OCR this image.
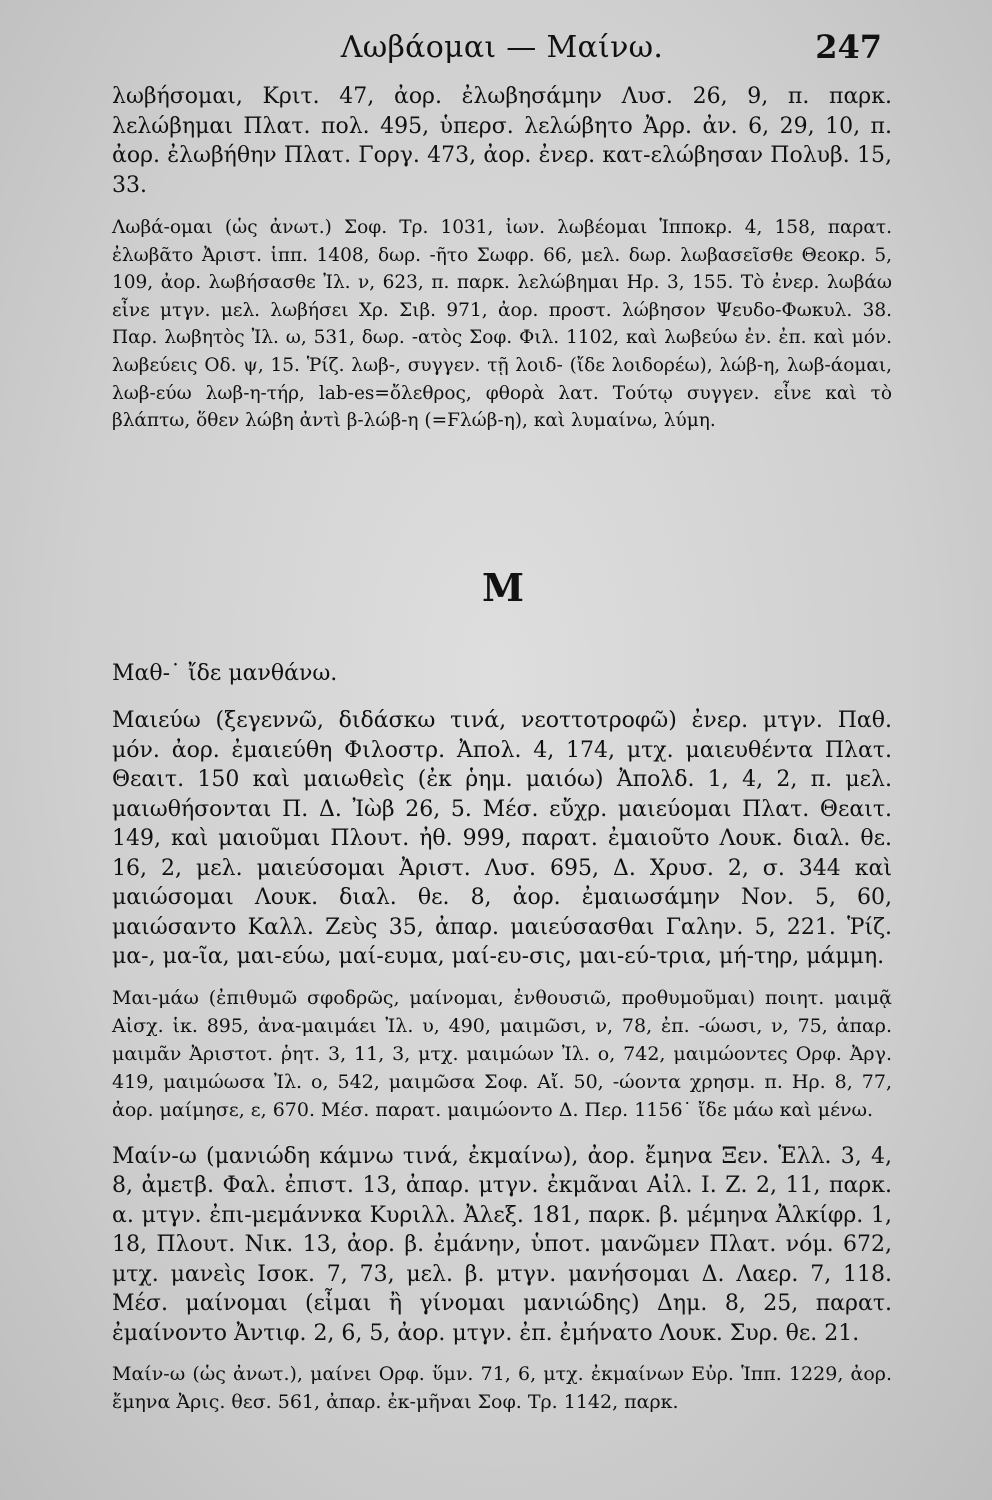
Λωβάομαι — Μαίνω.	247

λωβήσομαι, Κριτ. 47, ἀορ. ἐλωβησάμην Λυσ. 26, 9, π. παρκ. λελώβημαι Πλατ. πολ. 495, ὑπερσ. λελώβητο Ἀρρ. ἀν. 6, 29, 10, π. ἀορ. ἐλωβήθην Πλατ. Γοργ. 473, ἀορ. ἐνερ. κατ-ελώβησαν Πολυβ. 15, 33.

Λωβά-ομαι (ὡς ἀνωτ.) Σοφ. Τρ. 1031, ἰων. λωβέομαι Ἱπποκρ. 4, 158, παρατ. ἐλωβᾶτο Ἀριστ. ἱππ. 1408, δωρ. -ῆτο Σωφρ. 66, μελ. δωρ. λωβασεῖσθε Θεοκρ. 5, 109, ἀορ. λωβήσασθε Ἰλ. ν, 623, π. παρκ. λελώβημαι Ηρ. 3, 155. Τὸ ἐνερ. λωβάω εἶνε μτγν. μελ. λωβήσει Χρ. Σιβ. 971, ἀορ. προστ. λώβησον Ψευδο-Φωκυλ. 38. Παρ. λωβητὸς Ἰλ. ω, 531, δωρ. -ατὸς Σοφ. Φιλ. 1102, καὶ λωβεύω ἐν. ἐπ. καὶ μόν. λωβεύεις Οδ. ψ, 15. Ῥίζ. λωβ-, συγγεν. τῇ λοιδ- (ἴδε λοιδορέω), λώβ-η, λωβ-άομαι, λωβ-εύω λωβ-η-τήρ, lab-es=ὄλεθρος, φθορὰ λατ. Τούτῳ συγγεν. εἶνε καὶ τὸ βλάπτω, ὅθεν λώβη ἀντὶ β-λώβ-η (=Ϝλώβ-η), καὶ λυμαίνω, λύμη.

M

Μαθ-˙ ἴδε μανθάνω.

Μαιεύω (ξεγεννῶ, διδάσκω τινά, νεοττοτροφῶ) ἐνερ. μτγν. Παθ. μόν. ἀορ. ἐμαιεύθη Φιλοστρ. Ἀπολ. 4, 174, μτχ. μαιευθέντα Πλατ. Θεαιτ. 150 καὶ μαιωθεὶς (ἐκ ῥημ. μαιόω) Ἀπολδ. 1, 4, 2, π. μελ. μαιωθήσονται Π. Δ. Ἰὼβ 26, 5. Μέσ. εὔχρ. μαιεύομαι Πλατ. Θεαιτ. 149, καὶ μαιοῦμαι Πλουτ. ἠθ. 999, παρατ. ἐμαιοῦτο Λουκ. διαλ. θε. 16, 2, μελ. μαιεύσομαι Ἀριστ. Λυσ. 695, Δ. Χρυσ. 2, σ. 344 καὶ μαιώσομαι Λουκ. διαλ. θε. 8, ἀορ. ἐμαιωσάμην Νον. 5, 60, μαιώσαντο Καλλ. Ζεὺς 35, ἀπαρ. μαιεύσασθαι Γαλην. 5, 221. Ῥίζ. μα-, μα-ῖα, μαι-εύω, μαί-ευμα, μαί-ευ-σις, μαι-εύ-τρια, μή-τηρ, μάμμη.

Μαι-μάω (ἐπιθυμῶ σφοδρῶς, μαίνομαι, ἐνθουσιῶ, προθυμοῦμαι) ποιητ. μαιμᾷ Αἰσχ. ἱκ. 895, ἀνα-μαιμάει Ἰλ. υ, 490, μαιμῶσι, ν, 78, ἐπ. -ώωσι, ν, 75, ἀπαρ. μαιμᾶν Ἀριστοτ. ῥητ. 3, 11, 3, μτχ. μαιμώων Ἰλ. ο, 742, μαιμώοντες Ορφ. Ἀργ. 419, μαιμώωσα Ἰλ. ο, 542, μαιμῶσα Σοφ. Αἴ. 50, -ώοντα χρησμ. π. Ηρ. 8, 77, ἀορ. μαίμησε, ε, 670. Μέσ. παρατ. μαιμώοντο Δ. Περ. 1156˙ ἴδε μάω καὶ μένω.

Μαίν-ω (μανιώδη κάμνω τινά, ἐκμαίνω), ἀορ. ἔμηνα Ξεν. Ἑλλ. 3, 4, 8, ἀμετβ. Φαλ. ἐπιστ. 13, ἀπαρ. μτγν. ἐκμᾶναι Αἰλ. Ι. Ζ. 2, 11, παρκ. α. μτγν. ἐπι-μεμάννκα Κυριλλ. Ἀλεξ. 181, παρκ. β. μέμηνα Ἀλκίφρ. 1, 18, Πλουτ. Νικ. 13, ἀορ. β. ἐμάνην, ὑποτ. μανῶμεν Πλατ. νόμ. 672, μτχ. μανεὶς Ισοκ. 7, 73, μελ. β. μτγν. μανήσομαι Δ. Λαερ. 7, 118. Μέσ. μαίνομαι (εἶμαι ἢ γίνομαι μανιώδης) Δημ. 8, 25, παρατ. ἐμαίνοντο Ἀντιφ. 2, 6, 5, ἀορ. μτγν. ἐπ. ἐμήνατο Λουκ. Συρ. θε. 21.

Μαίν-ω (ὡς ἀνωτ.), μαίνει Ορφ. ὕμν. 71, 6, μτχ. ἐκμαίνων Εὐρ. Ἱππ. 1229, ἀορ. ἔμηνα Ἀρις. θεσ. 561, ἀπαρ. ἐκ-μῆναι Σοφ. Τρ. 1142, παρκ.
